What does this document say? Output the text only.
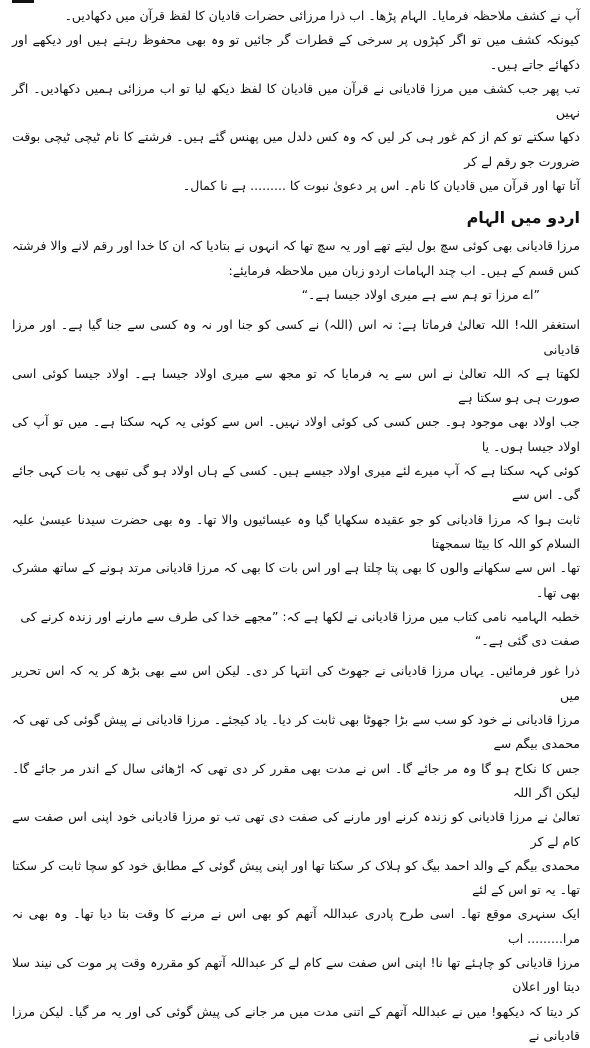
آپ نے کشف ملاحظہ فرمایا۔ الہام پڑھا۔ اب ذرا مرزائی حضرات قادیان کا لفظ قرآن میں دکھادیں۔

کیونکہ کشف میں تو اگر کپڑوں پر سرخی کے قطرات گر جائیں تو وہ بھی محفوظ رہتے ہیں اور دیکھے اور دکھائے جاتے ہیں۔

تب پھر جب کشف میں مرزا قادیانی نے قرآن میں قادیان کا لفظ دیکھ لیا تو اب مرزائی ہمیں دکھادیں۔ اگر نہیں

دکھا سکتے تو کم از کم غور ہی کر لیں کہ وہ کس دلدل میں پھنس گئے ہیں۔ فرشتے کا نام ٹیچی ٹیچی بوقت ضرورت جو رقم لے کر

آتا تھا اور قرآن میں قادیان کا نام۔ اس پر دعویٰ نبوت کا ......... ہے نا کمال۔

اردو میں الہام

مرزا قادیانی بھی کوئی سچ بول لیتے تھے اور یہ سچ تھا کہ انہوں نے بتادیا کہ ان کا خدا اور رقم لانے والا فرشتہ

کس قسم کے ہیں۔ اب چند الہامات اردو زبان میں ملاحظہ فرمایئے:

”اے مرزا تو ہم سے ہے میری اولاد جیسا ہے۔“

استغفر اللہ! اللہ تعالیٰ فرماتا ہے: نہ اس (اللہ) نے کسی کو جنا اور نہ وہ کسی سے جنا گیا ہے۔ اور مرزا قادیانی

لکھتا ہے کہ اللہ تعالیٰ نے اس سے یہ فرمایا کہ تو مجھ سے میری اولاد جیسا ہے۔ اولاد جیسا کوئی اسی صورت ہی ہو سکتا ہے

جب اولاد بھی موجود ہو۔ جس کسی کی کوئی اولاد نہیں۔ اس سے کوئی یہ کہہ سکتا ہے۔ میں تو آپ کی اولاد جیسا ہوں۔ یا

کوئی کہہ سکتا ہے کہ آپ میرے لئے میری اولاد جیسے ہیں۔ کسی کے ہاں اولاد ہو گی تبھی یہ بات کہی جائے گی۔ اس سے

ثابت ہوا کہ مرزا قادیانی کو جو عقیدہ سکھایا گیا وہ عیسائیوں والا تھا۔ وہ بھی حضرت سیدنا عیسیٰ علیہ السلام کو اللہ کا بیٹا سمجھتا

تھا۔ اس سے سکھانے والوں کا بھی پتا چلتا ہے اور اس بات کا بھی کہ مرزا قادیانی مرتد ہونے کے ساتھ مشرک بھی تھا۔

خطبہ الہامیہ نامی کتاب میں مرزا قادیانی نے لکھا ہے کہ: ”مجھے خدا کی طرف سے مارنے اور زندہ کرنے کی

صفت دی گئی ہے۔“

ذرا غور فرمائیں۔ یہاں مرزا قادیانی نے جھوٹ کی انتہا کر دی۔ لیکن اس سے بھی بڑھ کر یہ کہ اس تحریر میں

مرزا قادیانی نے خود کو سب سے بڑا جھوٹا بھی ثابت کر دیا۔ یاد کیجئے۔ مرزا قادیانی نے پیش گوئی کی تھی کہ محمدی بیگم سے

جس کا نکاح ہو گا وہ مر جائے گا۔ اس نے مدت بھی مقرر کر دی تھی کہ اڑھائی سال کے اندر مر جائے گا۔ لیکن اگر اللہ

تعالیٰ نے مرزا قادیانی کو زندہ کرنے اور مارنے کی صفت دی تھی تب تو مرزا قادیانی خود اپنی اس صفت سے کام لے کر

محمدی بیگم کے والد احمد بیگ کو ہلاک کر سکتا تھا اور اپنی پیش گوئی کے مطابق خود کو سچا ثابت کر سکتا تھا۔ یہ تو اس کے لئے

ایک سنہری موقع تھا۔ اسی طرح پادری عبداللہ آتھم کو بھی اس نے مرنے کا وقت بتا دیا تھا۔ وہ بھی نہ مرا......... اب

مرزا قادیانی کو چاہئے تھا نا! اپنی اس صفت سے کام لے کر عبداللہ آتھم کو مقررہ وقت پر موت کی نیند سلا دیتا اور اعلان

کر دیتا کہ دیکھو! میں نے عبداللہ آتھم کے اتنی مدت میں مر جانے کی پیش گوئی کی اور یہ مر گیا۔ لیکن مرزا قادیانی نے
